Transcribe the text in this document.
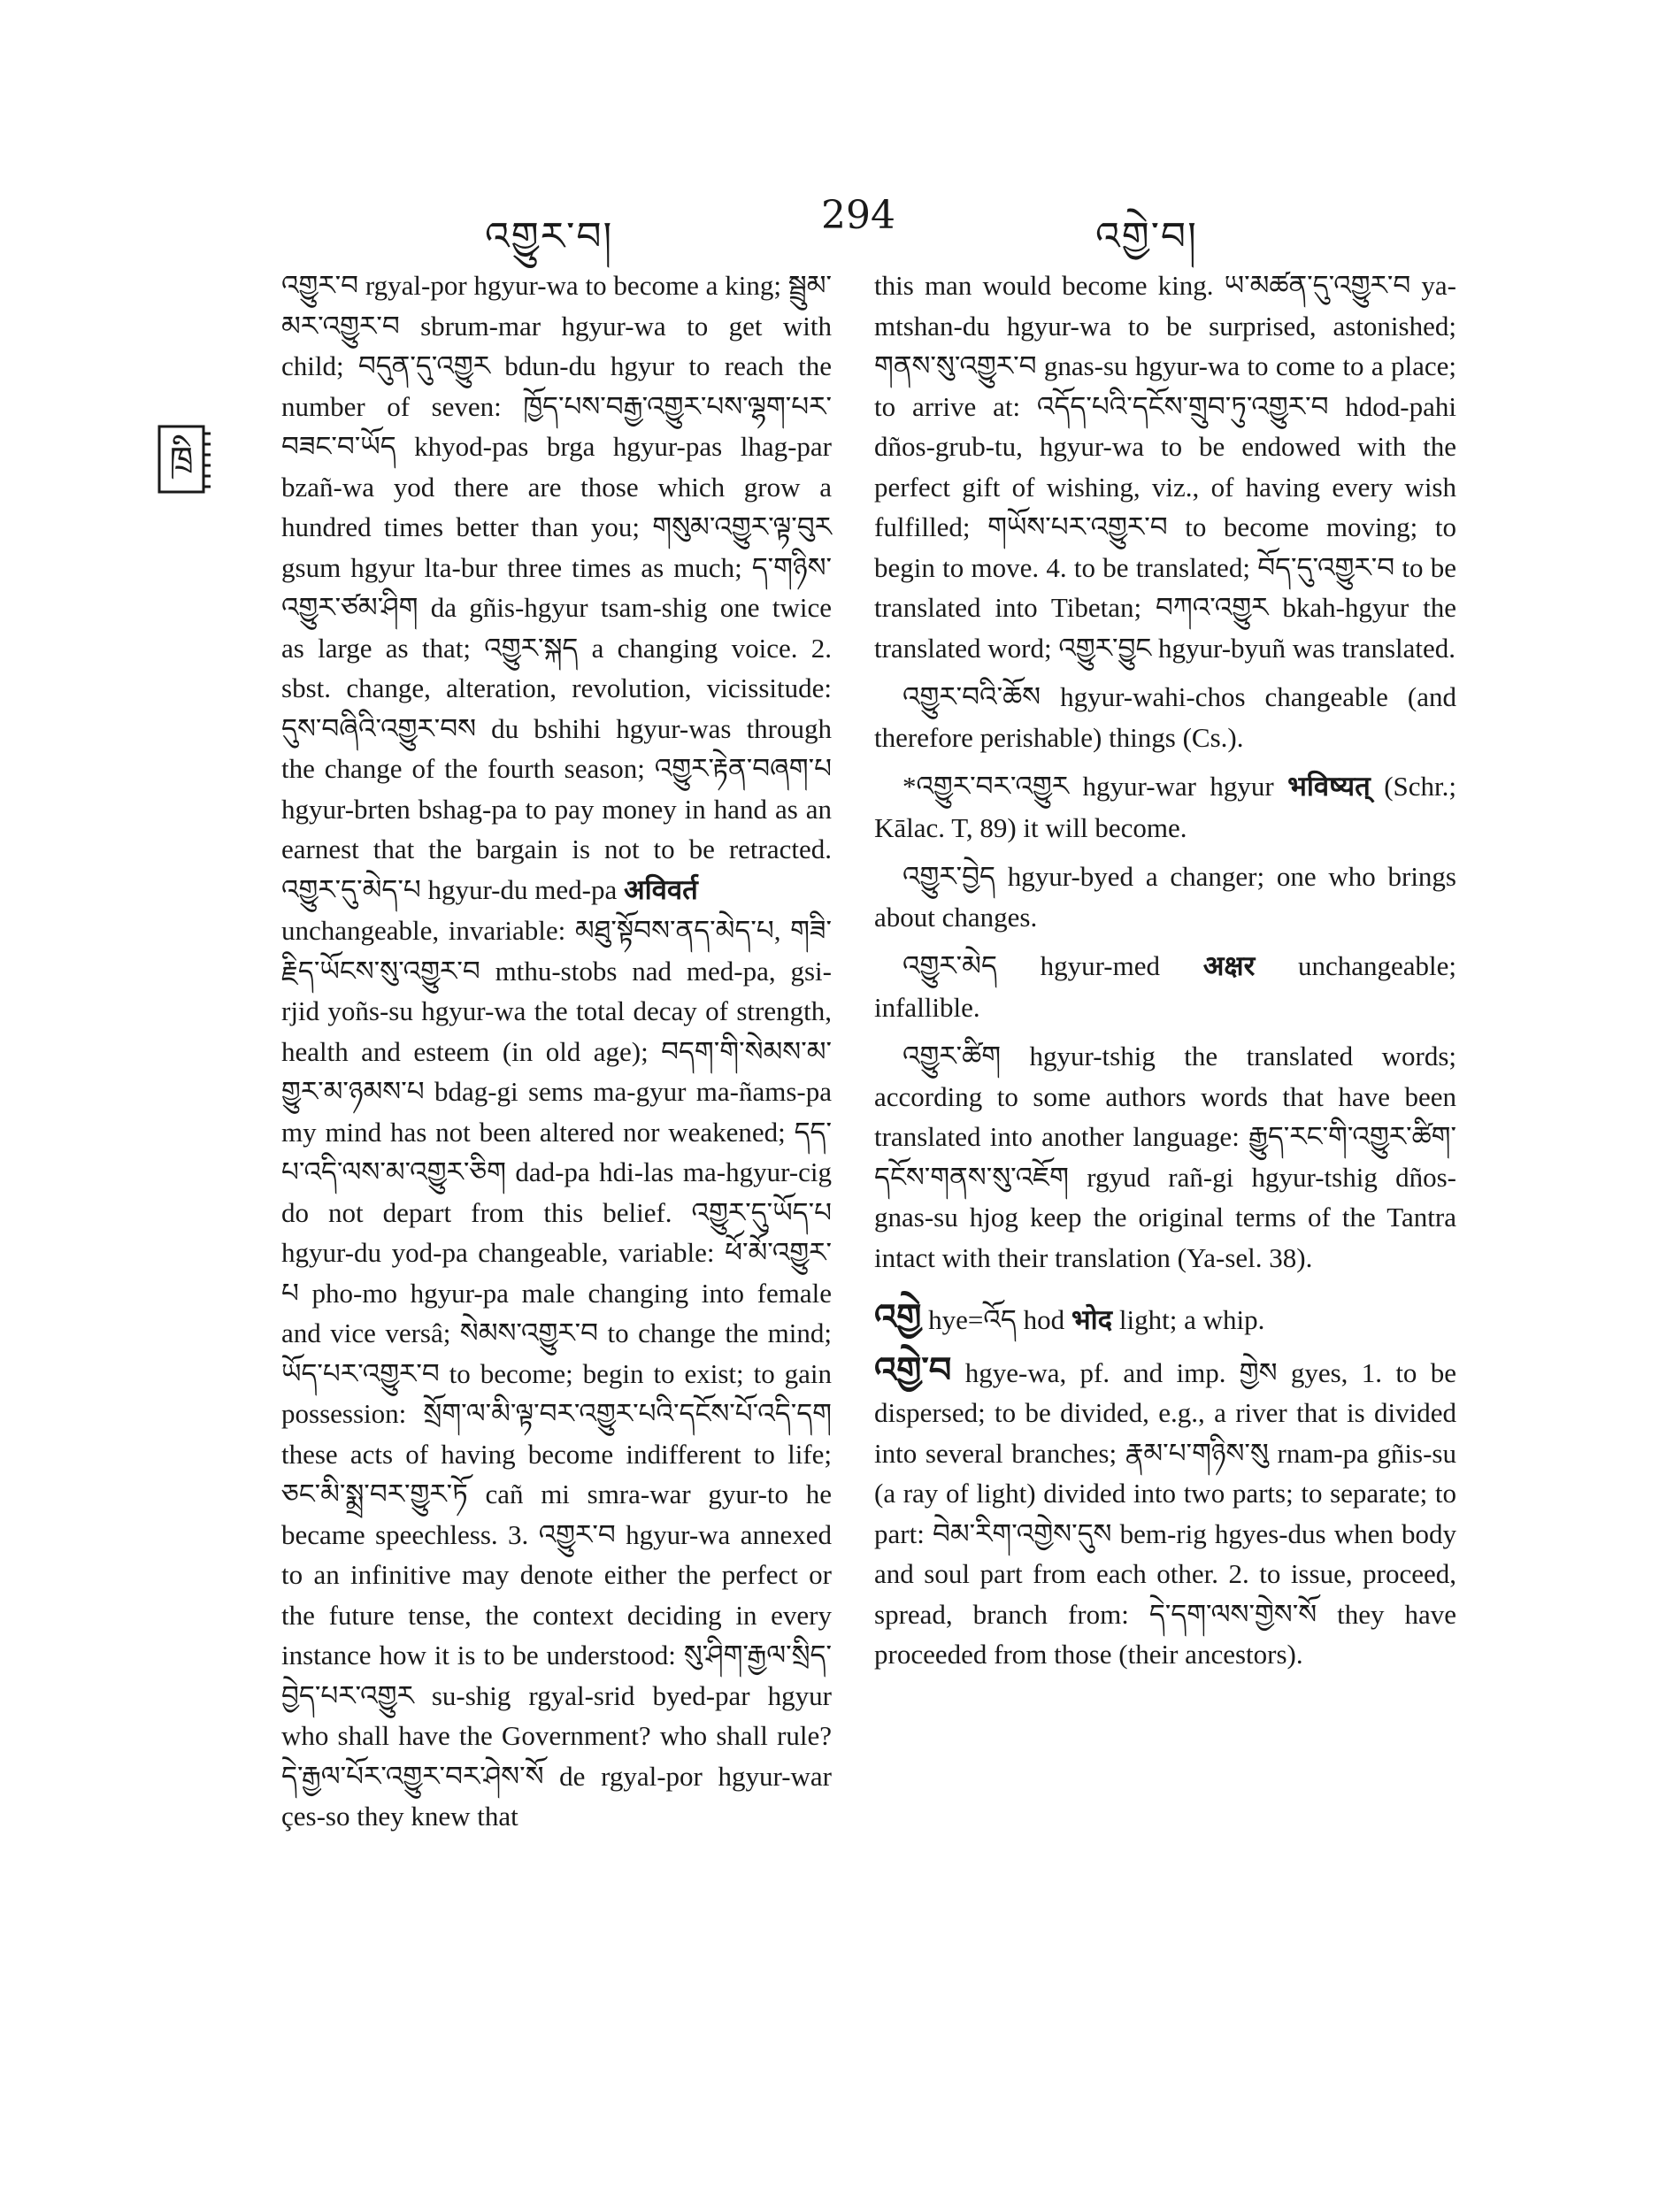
འགྱུར་བ།	294	འགྱེ་བ།
ཁྲི

འགྱུར་བ rgyal-por hgyur-wa to become a king; སྦྲུམ་མར་འགྱུར་བ sbrum-mar hgyur-wa to get with child; བདུན་དུ་འགྱུར bdun-du hgyur to reach the number of seven: ཁྱོད་པས་བརྒྱ་འགྱུར་པས་ལྷག་པར་བཟང་བ་ཡོད khyod-pas brga hgyur-pas lhag-par bzañ-wa yod there are those which grow a hundred times better than you; གསུམ་འགྱུར་ལྟ་བུར gsum hgyur lta-bur three times as much; ད་གཉིས་འགྱུར་ཙམ་ཤིག da gñis-hgyur tsam-shig one twice as large as that; འགྱུར་སྐད a changing voice. 2. sbst. change, alteration, revolution, vicissitude: དུས་བཞིའི་འགྱུར་བས du bshihi hgyur-was through the change of the fourth season; འགྱུར་རྟེན་བཞག་པ hgyur-brten bshag-pa to pay money in hand as an earnest that the bargain is not to be retracted. འགྱུར་དུ་མེད་པ hgyur-du med-pa अविवर्त

unchangeable, invariable: མཐུ་སྟོབས་ནད་མེད་པ, གཟི་རྗིད་ཡོངས་སུ་འགྱུར་བ mthu-stobs nad med-pa, gsi-rjid yoñs-su hgyur-wa the total decay of strength, health and esteem (in old age); བདག་གི་སེམས་མ་གྱུར་མ་ཉམས་པ bdag-gi sems ma-gyur ma-ñams-pa my mind has not been altered nor weakened; དད་པ་འདི་ལས་མ་འགྱུར་ཅིག dad-pa hdi-las ma-hgyur-cig do not depart from this belief. འགྱུར་དུ་ཡོད་པ hgyur-du yod-pa changeable, variable: ཕོ་མོ་འགྱུར་པ pho-mo hgyur-pa male changing into female and vice versâ; སེམས་འགྱུར་བ to change the mind; ཡོད་པར་འགྱུར་བ to become; begin to exist; to gain possession: སྲོག་ལ་མི་ལྟ་བར་འགྱུར་པའི་དངོས་པོ་འདི་དག these acts of having become indifferent to life; ཅང་མི་སྨྲ་བར་གྱུར་ཏོ cañ mi smra-war gyur-to he became speechless. 3. འགྱུར་བ hgyur-wa annexed to an infinitive may denote either the perfect or the future tense, the context deciding in every instance how it is to be understood: སུ་ཤིག་རྒྱལ་སྲིད་བྱེད་པར་འགྱུར su-shig rgyal-srid byed-par hgyur who shall have the Government? who shall rule? དེ་རྒྱལ་པོར་འགྱུར་བར་ཤེས་སོ de rgyal-por hgyur-war çes-so they knew that

this man would become king. ཡ་མཚན་དུ་འགྱུར་བ ya-mtshan-du hgyur-wa to be surprised, astonished; གནས་སུ་འགྱུར་བ gnas-su hgyur-wa to come to a place; to arrive at: འདོད་པའི་དངོས་གྲུབ་ཏུ་འགྱུར་བ hdod-pahi dños-grub-tu, hgyur-wa to be endowed with the perfect gift of wishing, viz., of having every wish fulfilled; གཡོས་པར་འགྱུར་བ to become moving; to begin to move. 4. to be translated; བོད་དུ་འགྱུར་བ to be translated into Tibetan; བཀའ་འགྱུར bkah-hgyur the translated word; འགྱུར་བྱུང hgyur-byuñ was translated.

འགྱུར་བའི་ཆོས hgyur-wahi-chos changeable (and therefore perishable) things (Cs.).

*འགྱུར་བར་འགྱུར hgyur-war hgyur भविष्यत् (Schr.; Kālac. T, 89) it will become.

འགྱུར་བྱེད hgyur-byed a changer; one who brings about changes.

འགྱུར་མེད hgyur-med अक्षर unchangeable; infallible.

འགྱུར་ཚིག hgyur-tshig the translated words; according to some authors words that have been translated into another language: རྒྱུད་རང་གི་འགྱུར་ཚིག་དངོས་གནས་སུ་འཇོག rgyud rañ-gi hgyur-tshig dños-gnas-su hjog keep the original terms of the Tantra intact with their translation (Ya-sel. 38).

འགྱེ hye=འོད hod भोद light; a whip.

འགྱེ་བ hgye-wa, pf. and imp. གྱེས gyes, 1. to be dispersed; to be divided, e.g., a river that is divided into several branches; རྣམ་པ་གཉིས་སུ rnam-pa gñis-su (a ray of light) divided into two parts; to separate; to part: བེམ་རིག་འགྱེས་དུས bem-rig hgyes-dus when body and soul part from each other. 2. to issue, proceed, spread, branch from: དེ་དག་ལས་གྱེས་སོ they have proceeded from those (their ancestors).
